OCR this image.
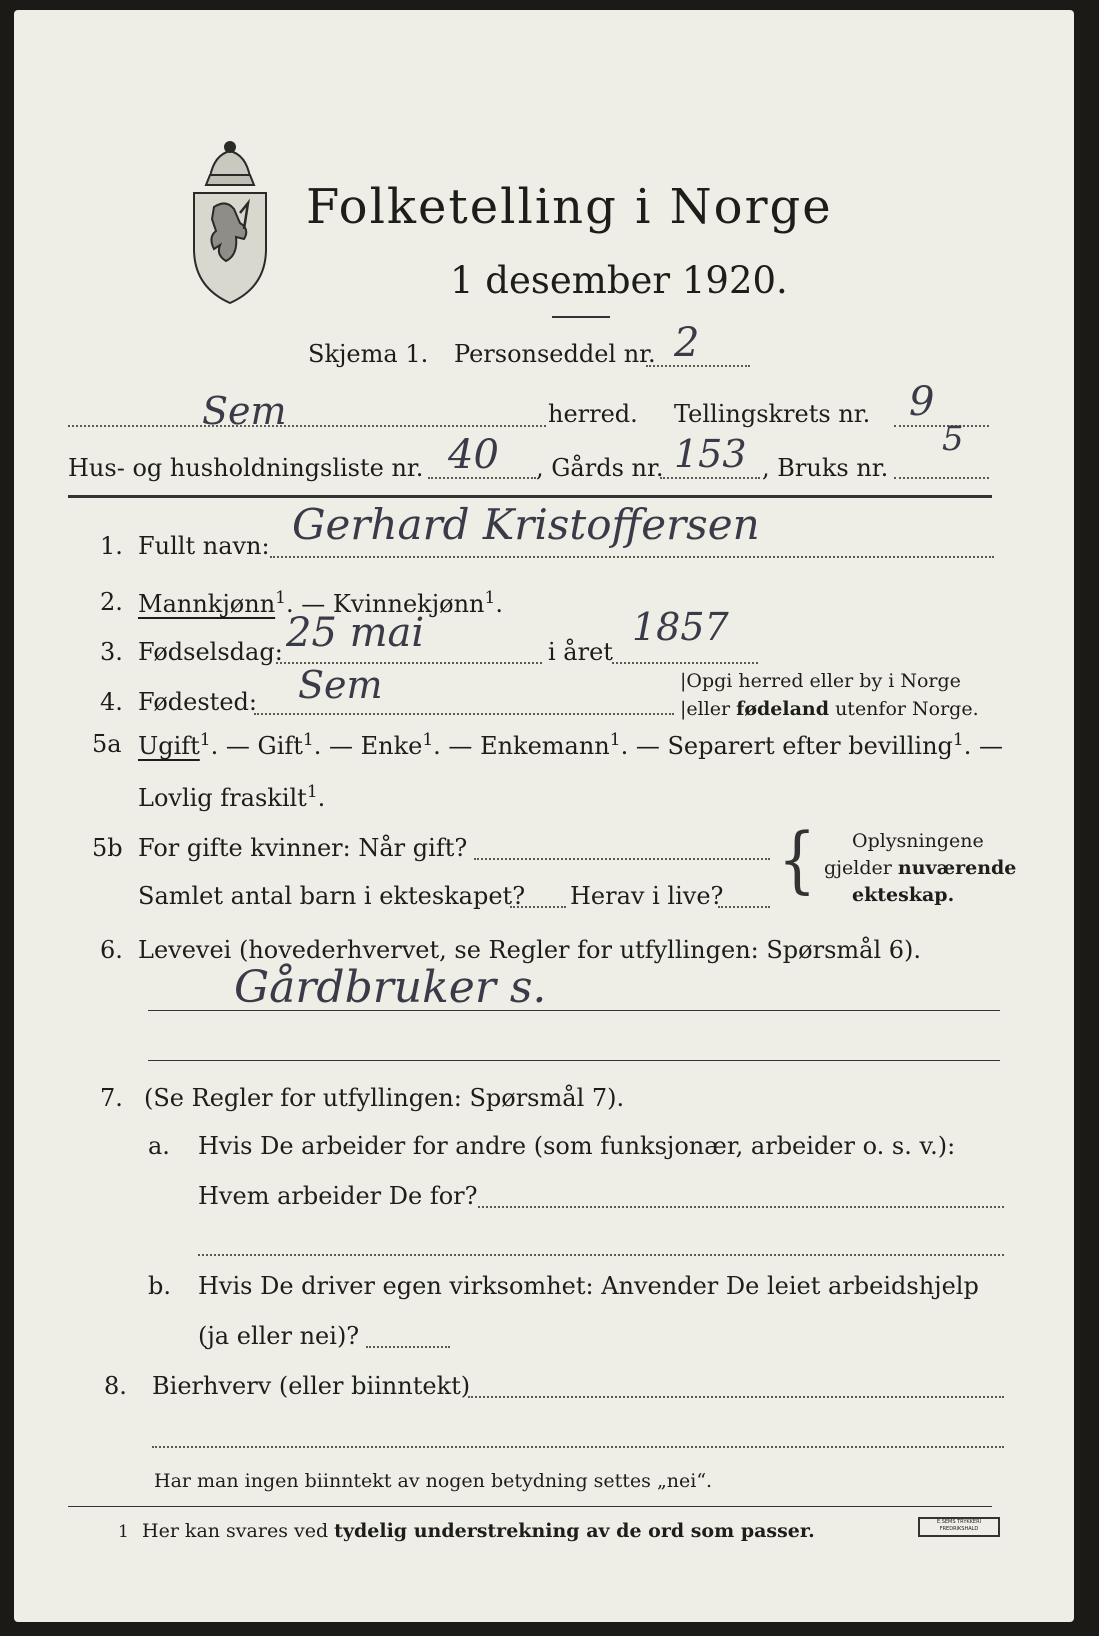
Folketelling i Norge
1 desember 1920.
Skjema 1. Personseddel nr. 2
Sem	herred. Tellingskrets nr. 9
Hus- og husholdningsliste nr. 40 , Gårds nr. 153 , Bruks nr.
5
1. Fullt navn: Gerhard Kristoffersen
2. Mannkjønn$^1$. — Kvinnekjønn$^1$.
3. Fødselsdag: 25 mai	i året
1857
4. Fødested: Sem	|Opgi herred eller by i Norge
|eller fødeland utenfor Norge.
5a Ugift$^1$. — Gift$^1$. — Enke$^1$. — Enkemann$^1$. — Separert efter bevilling$^1$. —
Lovlig fraskilt$^1$.
5b For gifte kvinner: Når gift?
Samlet antal barn i ekteskapet? Herav i live? { Oplysningene
gjelder nuværende
ekteskap.
6. Levevei (hovederhvervet, se Regler for utfyllingen: Spørsmål 6).
Gårdbruker s.
7. (Se Regler for utfyllingen: Spørsmål 7).
a. Hvis De arbeider for andre (som funksjonær, arbeider o. s. v.):
Hvem arbeider De for?
b. Hvis De driver egen virksomhet: Anvender De leiet arbeidshjelp
(ja eller nei)?
8. Bierhverv (eller biinntekt)
Har man ingen biinntekt av nogen betydning settes „nei“.
1 Her kan svares ved tydelig understrekning av de ord som passer.	E.SEMS TRYKKERI FREDRIKSHALD
